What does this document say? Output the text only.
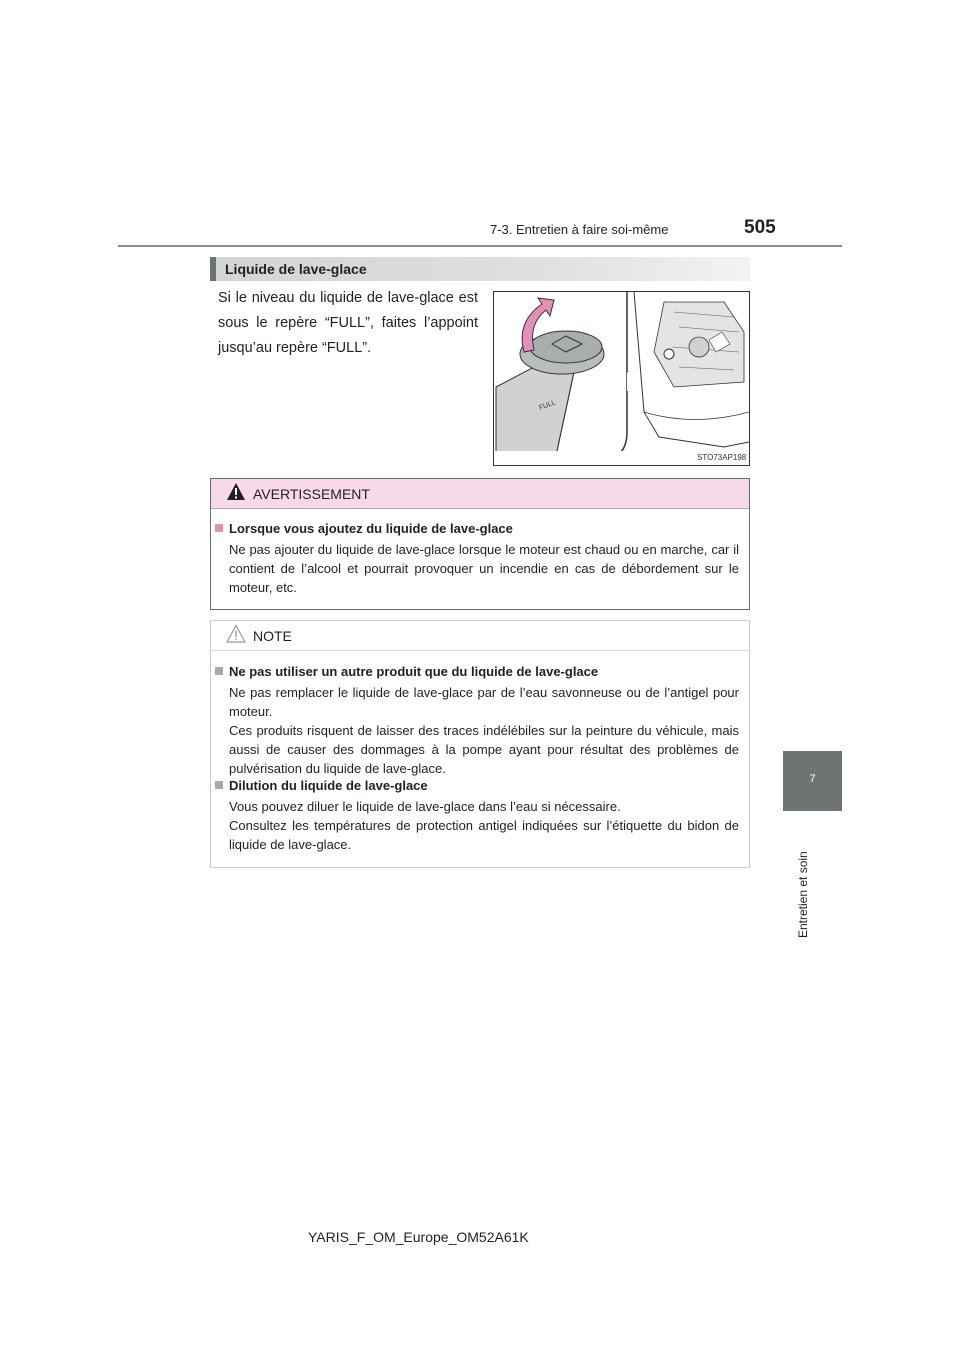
7-3. Entretien à faire soi-même	505
7
Entretien et soin
Liquide de lave-glace

Si le niveau du liquide de lave-glace est sous le repère “FULL”, faites l’appoint jusqu’au repère “FULL”.

FULL
STO73AP198
AVERTISSEMENT
Lorsque vous ajoutez du liquide de lave-glace

Ne pas ajouter du liquide de lave-glace lorsque le moteur est chaud ou en marche, car il contient de l’alcool et pourrait provoquer un incendie en cas de débordement sur le moteur, etc.

NOTE
Ne pas utiliser un autre produit que du liquide de lave-glace

Ne pas remplacer le liquide de lave-glace par de l’eau savonneuse ou de l’antigel pour moteur.

Ces produits risquent de laisser des traces indélébiles sur la peinture du véhicule, mais aussi de causer des dommages à la pompe ayant pour résultat des problèmes de pulvérisation du liquide de lave-glace.

Dilution du liquide de lave-glace

Vous pouvez diluer le liquide de lave-glace dans l’eau si nécessaire.

Consultez les températures de protection antigel indiquées sur l’étiquette du bidon de liquide de lave-glace.

YARIS_F_OM_Europe_OM52A61K
